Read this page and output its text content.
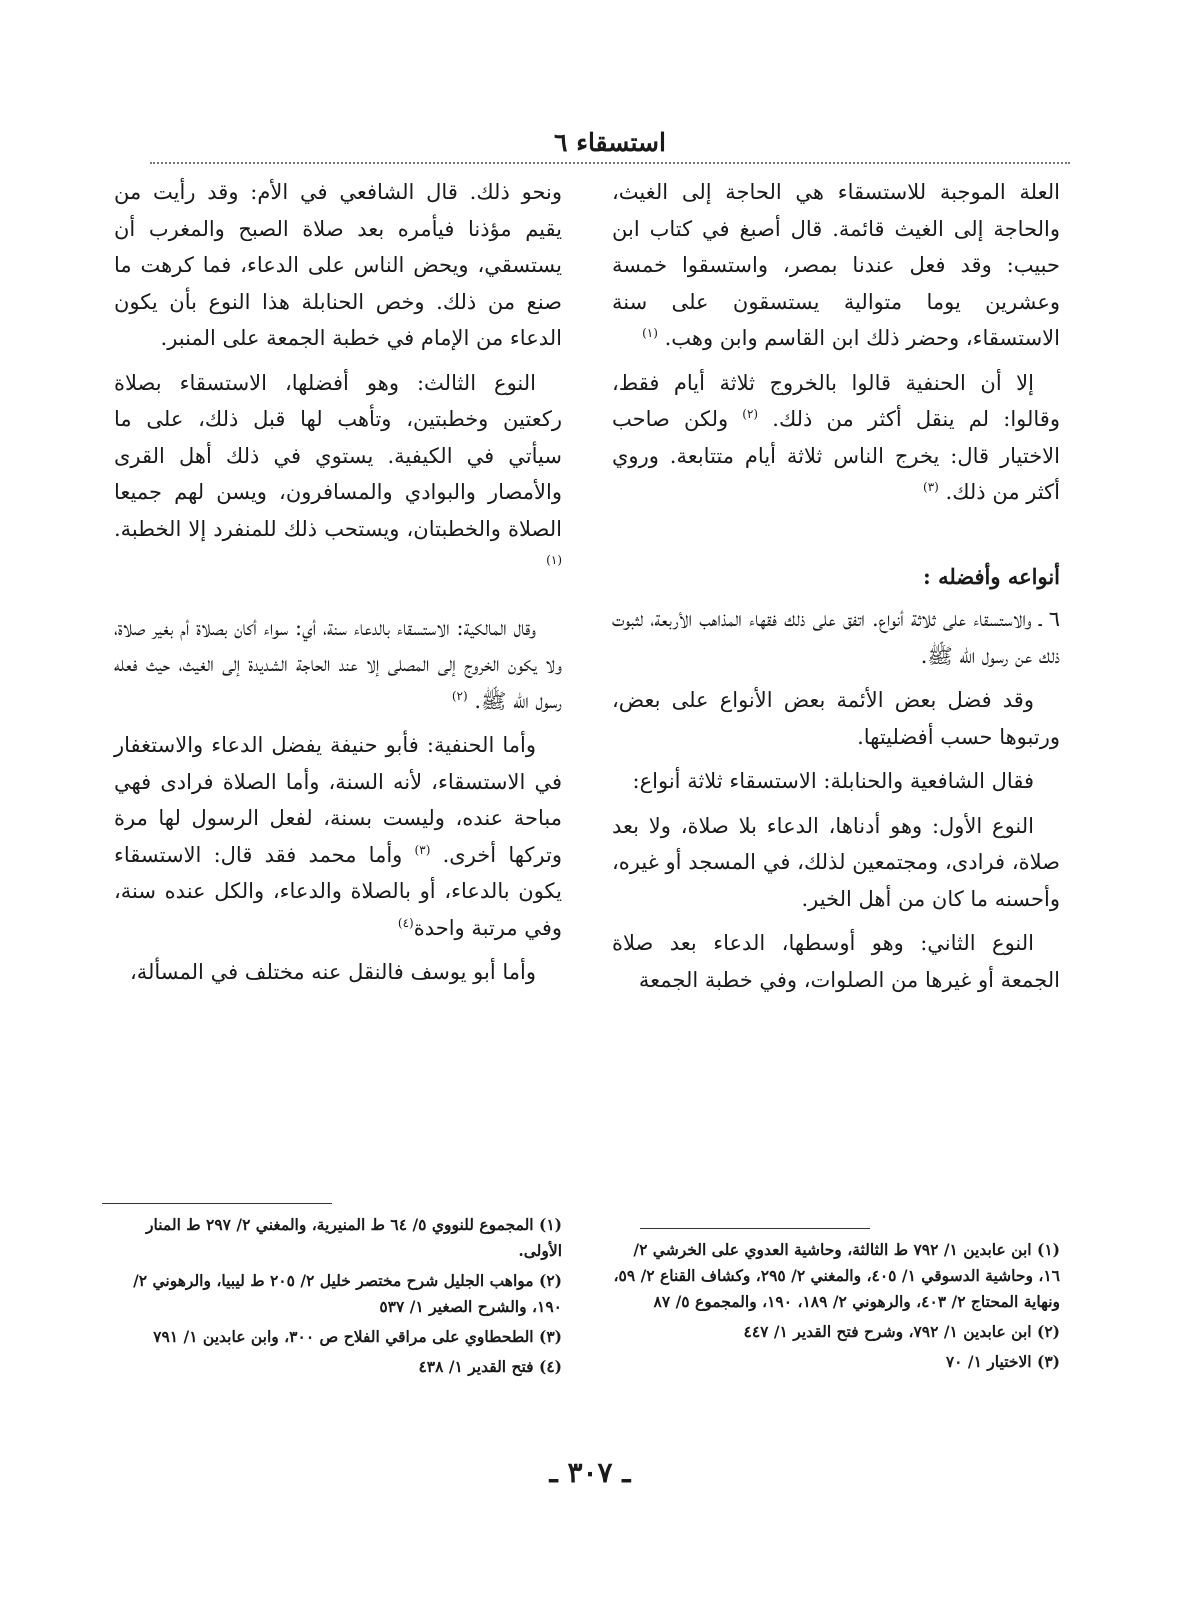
استسقاء ٦

العلة الموجبة للاستسقاء هي الحاجة إلى الغيث، والحاجة إلى الغيث قائمة. قال أصبغ في كتاب ابن حبيب: وقد فعل عندنا بمصر، واستسقوا خمسة وعشرين يوما متوالية يستسقون على سنة الاستسقاء، وحضر ذلك ابن القاسم وابن وهب. $^{(١)}$

إلا أن الحنفية قالوا بالخروج ثلاثة أيام فقط، وقالوا: لم ينقل أكثر من ذلك. $^{(٢)}$ ولكن صاحب الاختيار قال: يخرج الناس ثلاثة أيام متتابعة. وروي أكثر من ذلك. $^{(٣)}$

أنواعه وأفضله :

٦ ـ والاستسقاء على ثلاثة أنواع. اتفق على ذلك فقهاء المذاهب الأربعة، لثبوت ذلك عن رسول الله ﷺ.

وقد فضل بعض الأئمة بعض الأنواع على بعض، ورتبوها حسب أفضليتها.

فقال الشافعية والحنابلة: الاستسقاء ثلاثة أنواع:

النوع الأول: وهو أدناها، الدعاء بلا صلاة، ولا بعد صلاة، فرادى، ومجتمعين لذلك، في المسجد أو غيره، وأحسنه ما كان من أهل الخير.

النوع الثاني: وهو أوسطها، الدعاء بعد صلاة الجمعة أو غيرها من الصلوات، وفي خطبة الجمعة

ونحو ذلك. قال الشافعي في الأم: وقد رأيت من يقيم مؤذنا فيأمره بعد صلاة الصبح والمغرب أن يستسقي، ويحض الناس على الدعاء، فما كرهت ما صنع من ذلك. وخص الحنابلة هذا النوع بأن يكون الدعاء من الإمام في خطبة الجمعة على المنبر.

النوع الثالث: وهو أفضلها، الاستسقاء بصلاة ركعتين وخطبتين، وتأهب لها قبل ذلك، على ما سيأتي في الكيفية. يستوي في ذلك أهل القرى والأمصار والبوادي والمسافرون، ويسن لهم جميعا الصلاة والخطبتان، ويستحب ذلك للمنفرد إلا الخطبة. $^{(١)}$

وقال المالكية: الاستسقاء بالدعاء سنة، أي: سواء أكان بصلاة أم بغير صلاة، ولا يكون الخروج إلى المصلى إلا عند الحاجة الشديدة إلى الغيث، حيث فعله رسول الله ﷺ. $^{(٢)}$

وأما الحنفية: فأبو حنيفة يفضل الدعاء والاستغفار في الاستسقاء، لأنه السنة، وأما الصلاة فرادى فهي مباحة عنده، وليست بسنة، لفعل الرسول لها مرة وتركها أخرى. $^{(٣)}$ وأما محمد فقد قال: الاستسقاء يكون بالدعاء، أو بالصلاة والدعاء، والكل عنده سنة، وفي مرتبة واحدة$^{(٤)}$

وأما أبو يوسف فالنقل عنه مختلف في المسألة،

(١) ابن عابدين ١/ ٧٩٢ ط الثالثة، وحاشية العدوي على الخرشي ٢/ ١٦، وحاشية الدسوقي ١/ ٤٠٥، والمغني ٢/ ٢٩٥، وكشاف القناع ٢/ ٥٩، ونهاية المحتاج ٢/ ٤٠٣، والرهوني ٢/ ١٨٩، ١٩٠، والمجموع ٥/ ٨٧

(٢) ابن عابدين ١/ ٧٩٢، وشرح فتح القدير ١/ ٤٤٧

(٣) الاختيار ١/ ٧٠

(١) المجموع للنووي ٥/ ٦٤ ط المنيرية، والمغني ٢/ ٢٩٧ ط المنار الأولى.

(٢) مواهب الجليل شرح مختصر خليل ٢/ ٢٠٥ ط ليبيا، والرهوني ٢/ ١٩٠، والشرح الصغير ١/ ٥٣٧

(٣) الطحطاوي على مراقي الفلاح ص ٣٠٠، وابن عابدين ١/ ٧٩١

(٤) فتح القدير ١/ ٤٣٨

ـ ٣٠٧ ـ
